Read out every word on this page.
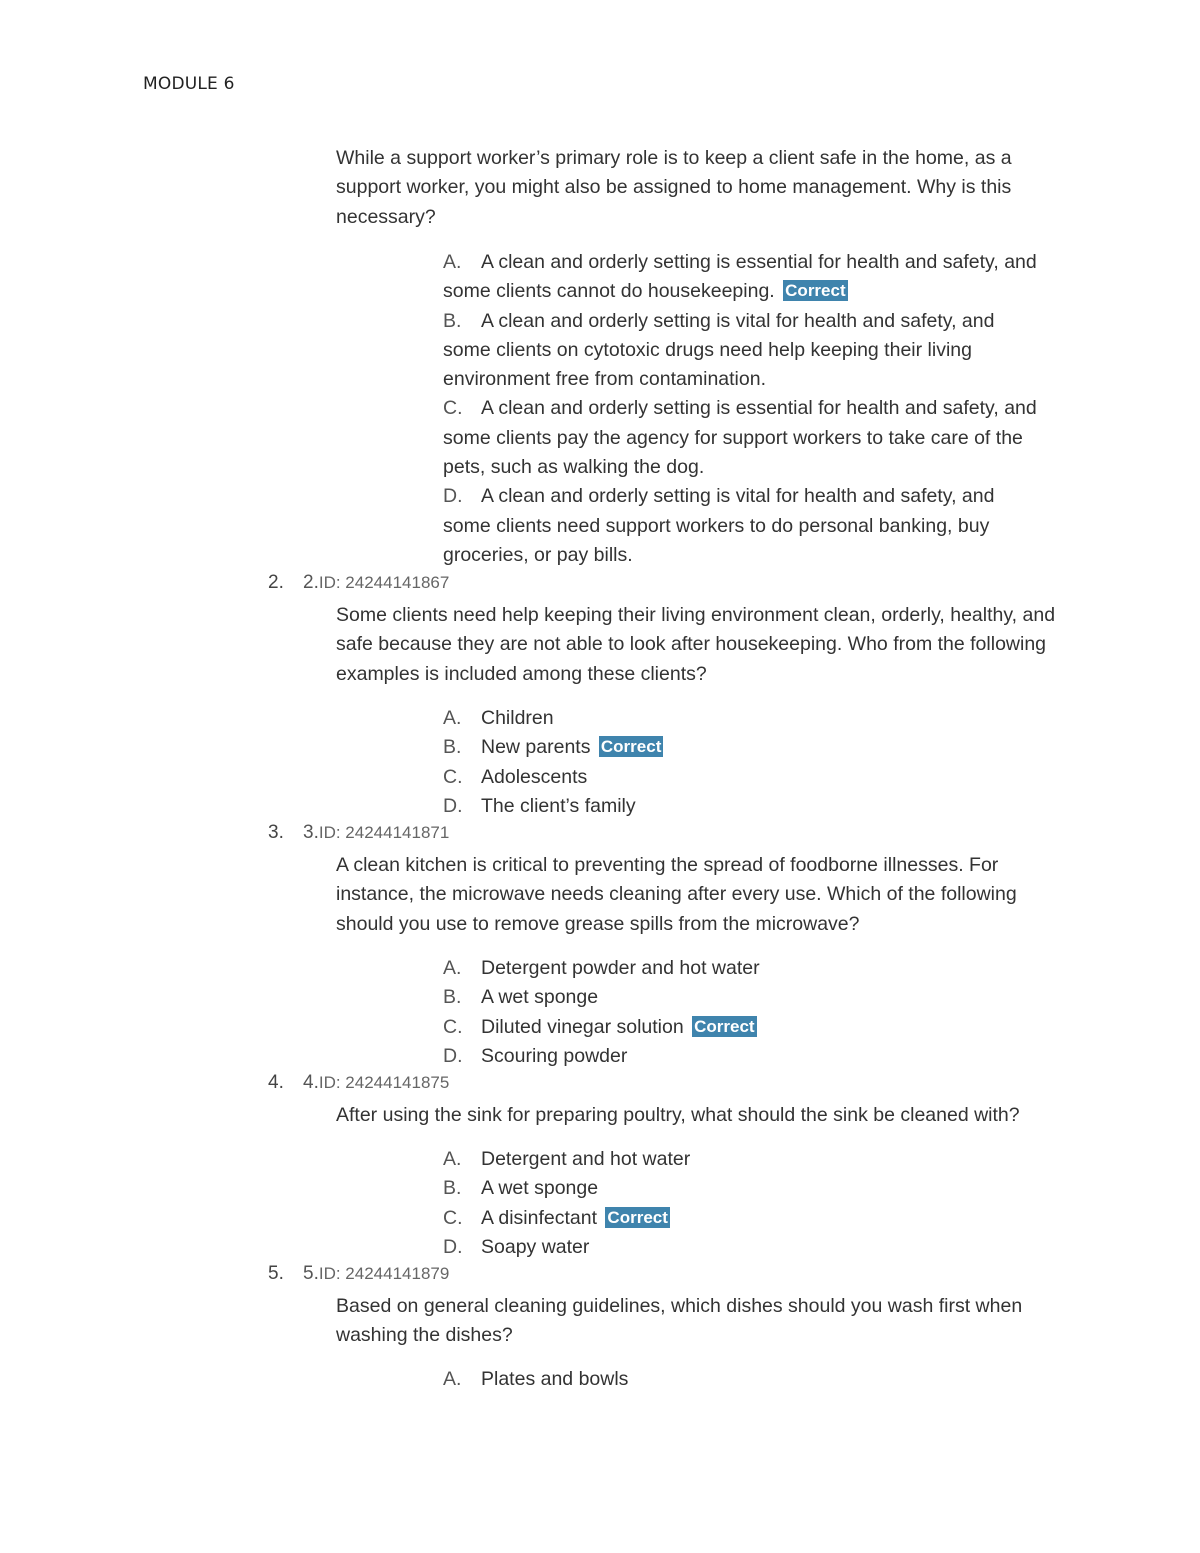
MODULE 6
While a support worker’s primary role is to keep a client safe in the home, as a support worker, you might also be assigned to home management. Why is this necessary?
A. A clean and orderly setting is essential for health and safety, and some clients cannot do housekeeping. Correct
B. A clean and orderly setting is vital for health and safety, and some clients on cytotoxic drugs need help keeping their living environment free from contamination.
C. A clean and orderly setting is essential for health and safety, and some clients pay the agency for support workers to take care of the pets, such as walking the dog.
D. A clean and orderly setting is vital for health and safety, and some clients need support workers to do personal banking, buy groceries, or pay bills.
2. 2.ID: 24244141867
Some clients need help keeping their living environment clean, orderly, healthy, and safe because they are not able to look after housekeeping. Who from the following examples is included among these clients?
A. Children
B. New parents Correct
C. Adolescents
D. The client’s family
3. 3.ID: 24244141871
A clean kitchen is critical to preventing the spread of foodborne illnesses. For instance, the microwave needs cleaning after every use. Which of the following should you use to remove grease spills from the microwave?
A. Detergent powder and hot water
B. A wet sponge
C. Diluted vinegar solution Correct
D. Scouring powder
4. 4.ID: 24244141875
After using the sink for preparing poultry, what should the sink be cleaned with?
A. Detergent and hot water
B. A wet sponge
C. A disinfectant Correct
D. Soapy water
5. 5.ID: 24244141879
Based on general cleaning guidelines, which dishes should you wash first when washing the dishes?
A. Plates and bowls
